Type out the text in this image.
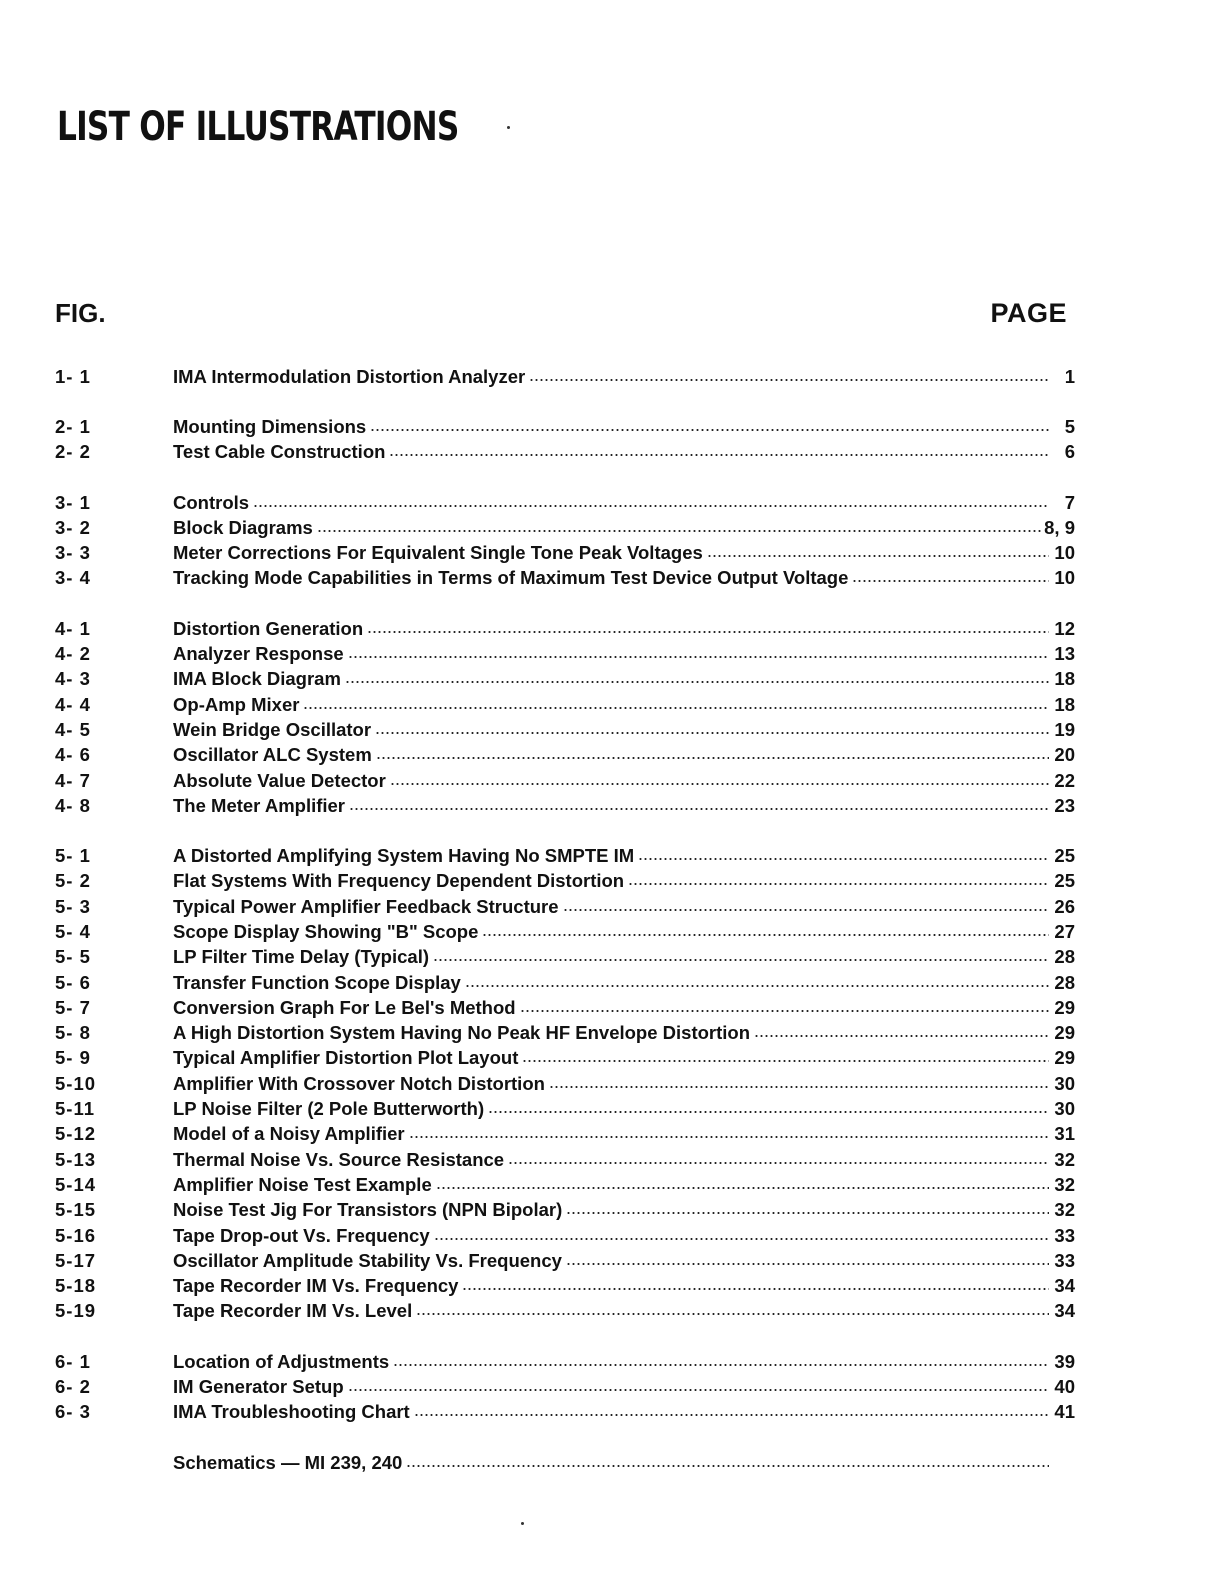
LIST OF ILLUSTRATIONS
FIG.	PAGE
1- 1	IMA Intermodulation Distortion Analyzer	1
2- 1	Mounting Dimensions	5
2- 2	Test Cable Construction	6
3- 1	Controls	7
3- 2	Block Diagrams	8, 9
3- 3	Meter Corrections For Equivalent Single Tone Peak Voltages	10
3- 4	Tracking Mode Capabilities in Terms of Maximum Test Device Output Voltage	10
4- 1	Distortion Generation	12
4- 2	Analyzer Response	13
4- 3	IMA Block Diagram	18
4- 4	Op-Amp Mixer	18
4- 5	Wein Bridge Oscillator	19
4- 6	Oscillator ALC System	20
4- 7	Absolute Value Detector	22
4- 8	The Meter Amplifier	23
5- 1	A Distorted Amplifying System Having No SMPTE IM	25
5- 2	Flat Systems With Frequency Dependent Distortion	25
5- 3	Typical Power Amplifier Feedback Structure	26
5- 4	Scope Display Showing "B" Scope	27
5- 5	LP Filter Time Delay (Typical)	28
5- 6	Transfer Function Scope Display	28
5- 7	Conversion Graph For Le Bel's Method	29
5- 8	A High Distortion System Having No Peak HF Envelope Distortion	29
5- 9	Typical Amplifier Distortion Plot Layout	29
5-10	Amplifier With Crossover Notch Distortion	30
5-11	LP Noise Filter (2 Pole Butterworth)	30
5-12	Model of a Noisy Amplifier	31
5-13	Thermal Noise Vs. Source Resistance	32
5-14	Amplifier Noise Test Example	32
5-15	Noise Test Jig For Transistors (NPN Bipolar)	32
5-16	Tape Drop-out Vs. Frequency	33
5-17	Oscillator Amplitude Stability Vs. Frequency	33
5-18	Tape Recorder IM Vs. Frequency	34
5-19	Tape Recorder IM Vs. Level	34
6- 1	Location of Adjustments	39
6- 2	IM Generator Setup	40
6- 3	IMA Troubleshooting Chart	41
Schematics — MI 239, 240
